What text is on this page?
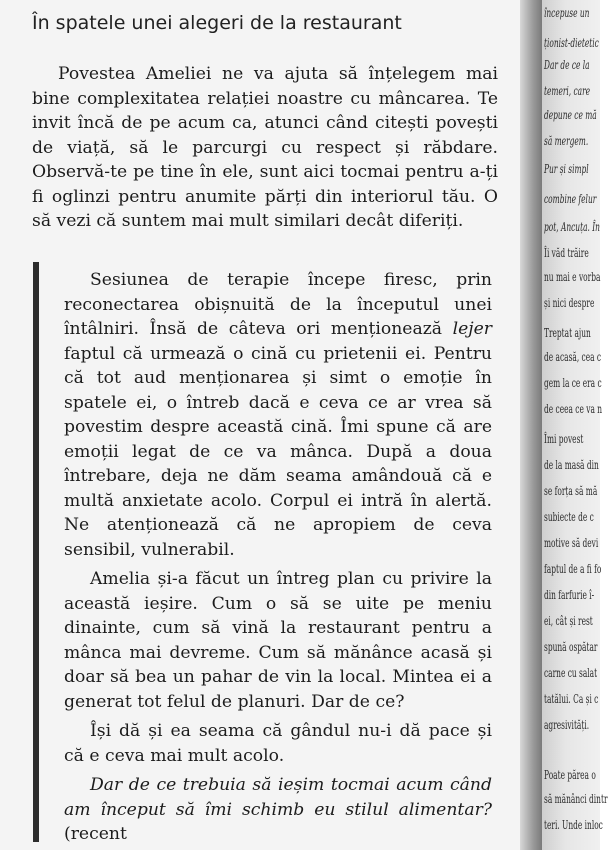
În spatele unei alegeri de la restaurant

Povestea Ameliei ne va ajuta să înțelegem mai bine complexitatea relației noastre cu mâncarea. Te invit încă de pe acum ca, atunci când citești povești de viață, să le parcurgi cu respect și răbdare. Observă-te pe tine în ele, sunt aici tocmai pentru a-ți fi oglinzi pentru anumite părți din interiorul tău. O să vezi că suntem mai mult similari decât diferiți.

Sesiunea de terapie începe firesc, prin reconectarea obișnuită de la începutul unei întâlniri. Însă de câteva ori menționează lejer faptul că urmează o cină cu prietenii ei. Pentru că tot aud menționarea și simt o emoție în spatele ei, o întreb dacă e ceva ce ar vrea să povestim despre această cină. Îmi spune că are emoții legat de ce va mânca. După a doua întrebare, deja ne dăm seama amândouă că e multă anxietate acolo. Corpul ei intră în alertă. Ne atenționează că ne apropiem de ceva sensibil, vulnerabil.

Amelia și-a făcut un întreg plan cu privire la această ieșire. Cum o să se uite pe meniu dinainte, cum să vină la restaurant pentru a mânca mai devreme. Cum să mănânce acasă și doar să bea un pahar de vin la local. Mintea ei a generat tot felul de planuri. Dar de ce?

Își dă și ea seama că gândul nu-i dă pace și că e ceva mai mult acolo.

Dar de ce trebuia să ieșim tocmai acum când am început să îmi schimb eu stilul alimentar? (recent

începuse un
ționist-dietetic
Dar de ce la
temeri, care
depune ce mă
să mergem.
Pur și simpl
combine felur
pot, Ancuța. În
Îi văd trăire
nu mai e vorba
și nici despre
Treptat ajun
de acasă, cea c
gem la ce era c
de ceea ce va n
Îmi povest
de la masă din
se forța să mă
subiecte de c
motive să devi
faptul de a fi fo
din farfurie î-
ei, cât și rest
spună ospătar
carne cu salat
tatălui. Ca și c
agresivități.
Poate părea o
să mănânci dintr
teri. Unde inloc
